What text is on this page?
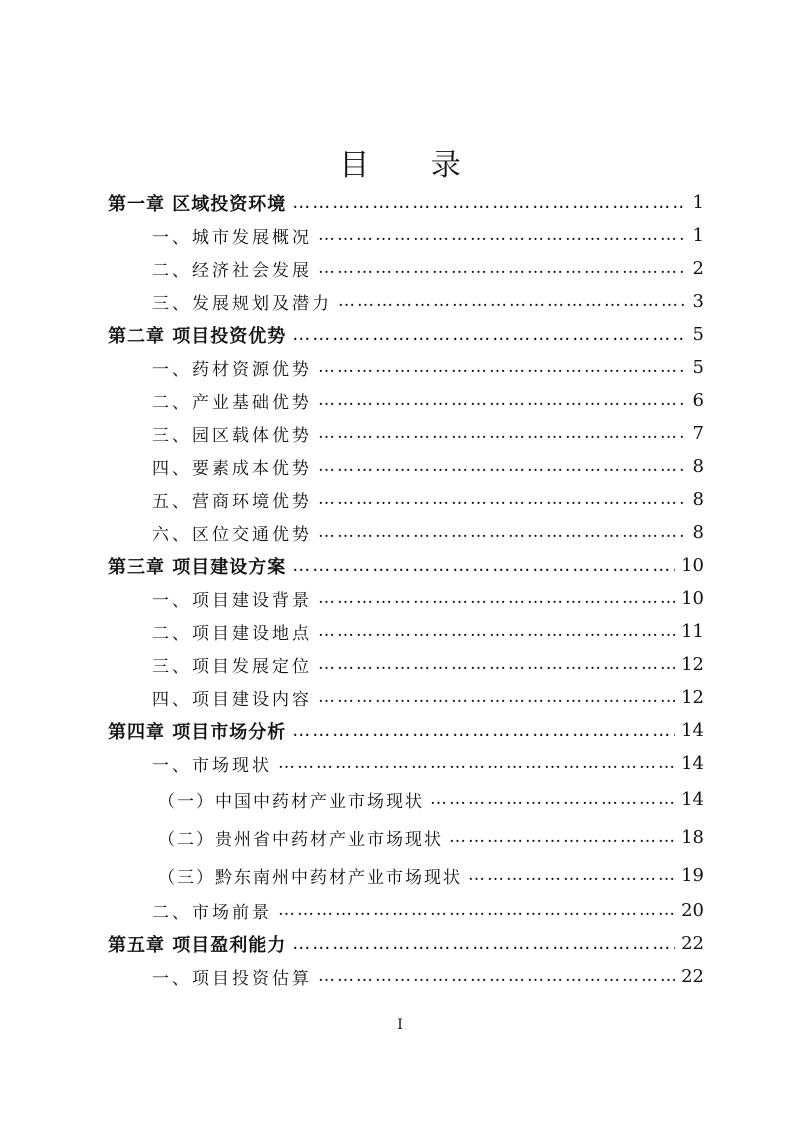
目 录
第一章 区域投资环境 ……………………………………………………………………………………………………………………………………………	1
一、城市发展概况 ……………………………………………………………………………………………………………………………………………	1
二、经济社会发展 ……………………………………………………………………………………………………………………………………………	2
三、发展规划及潜力 ……………………………………………………………………………………………………………………………………………	3
第二章 项目投资优势 ……………………………………………………………………………………………………………………………………………	5
一、药材资源优势 ……………………………………………………………………………………………………………………………………………	5
二、产业基础优势 ……………………………………………………………………………………………………………………………………………	6
三、园区载体优势 ……………………………………………………………………………………………………………………………………………	7
四、要素成本优势 ……………………………………………………………………………………………………………………………………………	8
五、营商环境优势 ……………………………………………………………………………………………………………………………………………	8
六、区位交通优势 ……………………………………………………………………………………………………………………………………………	8
第三章 项目建设方案 ……………………………………………………………………………………………………………………………………………	10
一、项目建设背景 ……………………………………………………………………………………………………………………………………………	10
二、项目建设地点 ……………………………………………………………………………………………………………………………………………	11
三、项目发展定位 ……………………………………………………………………………………………………………………………………………	12
四、项目建设内容 ……………………………………………………………………………………………………………………………………………	12
第四章 项目市场分析 ……………………………………………………………………………………………………………………………………………	14
一、市场现状 ……………………………………………………………………………………………………………………………………………	14
（一）中国中药材产业市场现状 ……………………………………………………………………………………………………………………………………………	14
（二）贵州省中药材产业市场现状 ……………………………………………………………………………………………………………………………………………	18
（三）黔东南州中药材产业市场现状 ……………………………………………………………………………………………………………………………………………	19
二、市场前景 ……………………………………………………………………………………………………………………………………………	20
第五章 项目盈利能力 ……………………………………………………………………………………………………………………………………………	22
一、项目投资估算 ……………………………………………………………………………………………………………………………………………	22
I
